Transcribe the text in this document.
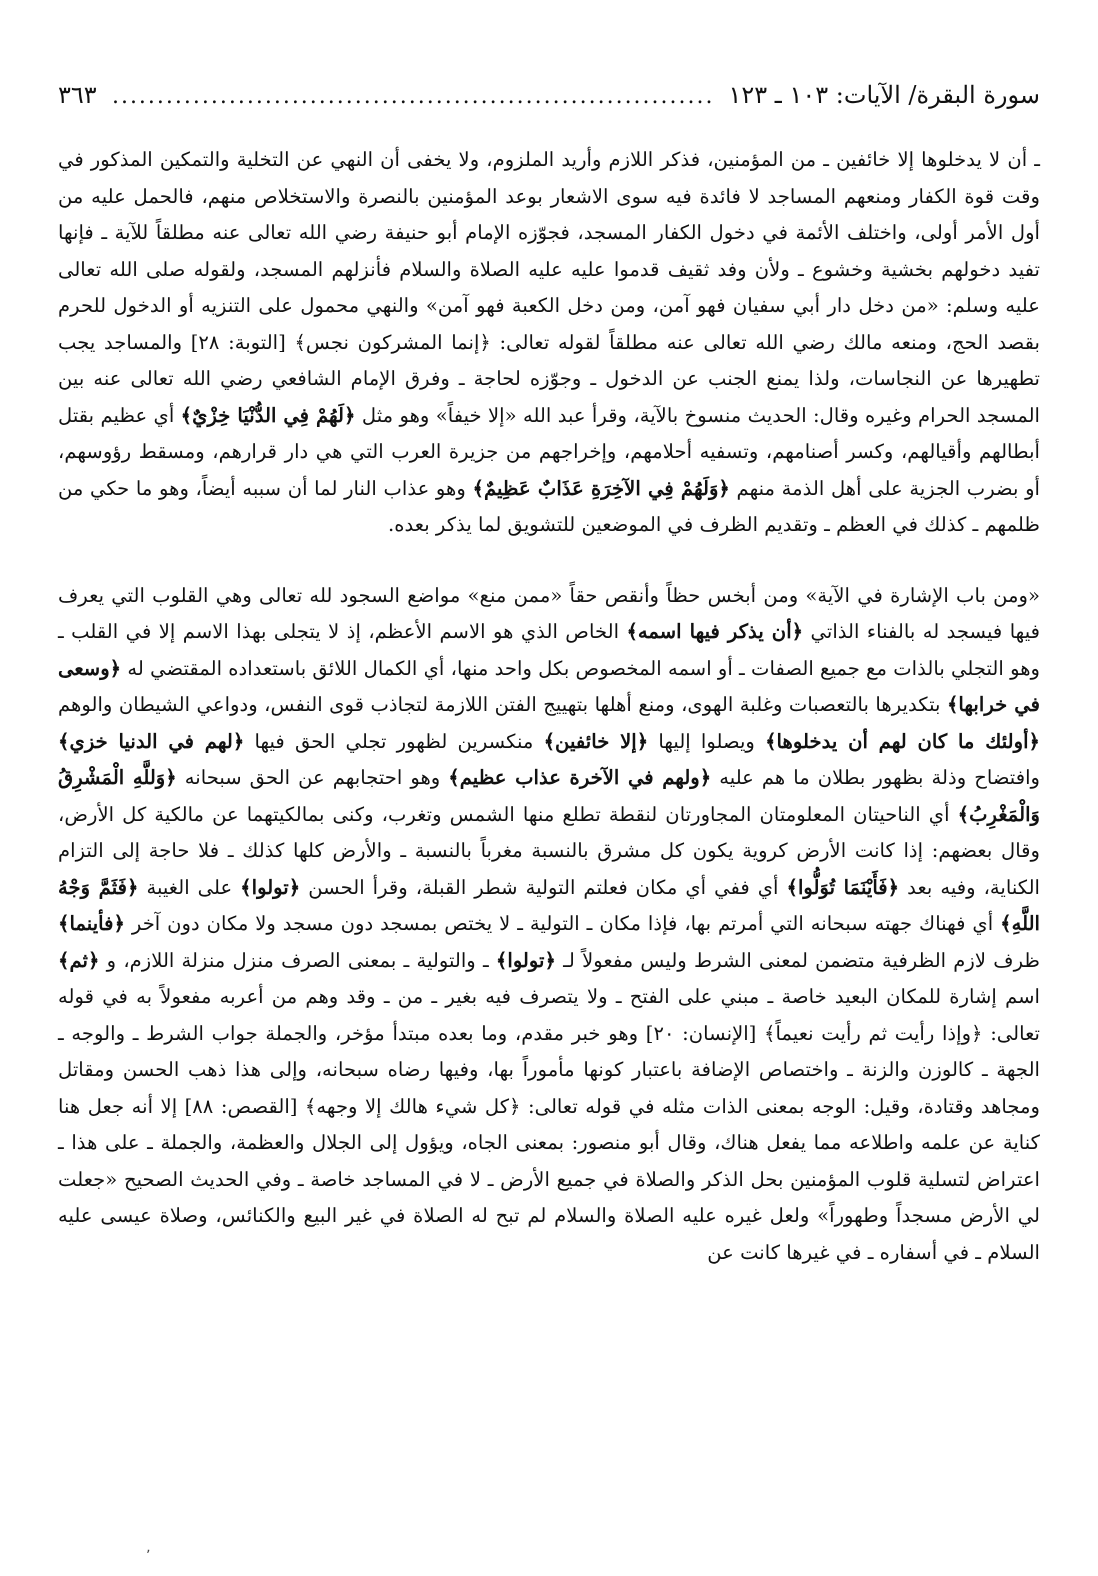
سورة البقرة/ الآيات: ١٠٣ ـ ١٢٣
...................................................................
٣٦٣

ـ أن لا يدخلوها إلا خائفين ـ من المؤمنين، فذكر اللازم وأريد الملزوم، ولا يخفى أن النهي عن التخلية والتمكين المذكور في وقت قوة الكفار ومنعهم المساجد لا فائدة فيه سوى الاشعار بوعد المؤمنين بالنصرة والاستخلاص منهم، فالحمل عليه من أول الأمر أولى، واختلف الأئمة في دخول الكفار المسجد، فجوّزه الإمام أبو حنيفة رضي الله تعالى عنه مطلقاً للآية ـ فإنها تفيد دخولهم بخشية وخشوع ـ ولأن وفد ثقيف قدموا عليه عليه الصلاة والسلام فأنزلهم المسجد، ولقوله صلى الله تعالى عليه وسلم: «من دخل دار أبي سفيان فهو آمن، ومن دخل الكعبة فهو آمن» والنهي محمول على التنزيه أو الدخول للحرم بقصد الحج، ومنعه مالك رضي الله تعالى عنه مطلقاً لقوله تعالى: ﴿إنما المشركون نجس﴾ [التوبة: ٢٨] والمساجد يجب تطهيرها عن النجاسات، ولذا يمنع الجنب عن الدخول ـ وجوّزه لحاجة ـ وفرق الإمام الشافعي رضي الله تعالى عنه بين المسجد الحرام وغيره وقال: الحديث منسوخ بالآية، وقرأ عبد الله «إلا خيفاً» وهو مثل ﴿لَهُمْ فِي الدُّنْيَا خِزْيٌ﴾ أي عظيم بقتل أبطالهم وأقيالهم، وكسر أصنامهم، وتسفيه أحلامهم، وإخراجهم من جزيرة العرب التي هي دار قرارهم، ومسقط رؤوسهم، أو بضرب الجزية على أهل الذمة منهم ﴿وَلَهُمْ فِي الآخِرَةِ عَذَابٌ عَظِيمٌ﴾ وهو عذاب النار لما أن سببه أيضاً، وهو ما حكي من ظلمهم ـ كذلك في العظم ـ وتقديم الظرف في الموضعين للتشويق لما يذكر بعده.

«ومن باب الإشارة في الآية» ومن أبخس حظاً وأنقص حقاً «ممن منع» مواضع السجود لله تعالى وهي القلوب التي يعرف فيها فيسجد له بالفناء الذاتي ﴿أن يذكر فيها اسمه﴾ الخاص الذي هو الاسم الأعظم، إذ لا يتجلى بهذا الاسم إلا في القلب ـ وهو التجلي بالذات مع جميع الصفات ـ أو اسمه المخصوص بكل واحد منها، أي الكمال اللائق باستعداده المقتضي له ﴿وسعى في خرابها﴾ بتكديرها بالتعصبات وغلبة الهوى، ومنع أهلها بتهييج الفتن اللازمة لتجاذب قوى النفس، ودواعي الشيطان والوهم ﴿أولئك ما كان لهم أن يدخلوها﴾ ويصلوا إليها ﴿إلا خائفين﴾ منكسرين لظهور تجلي الحق فيها ﴿لهم في الدنيا خزي﴾ وافتضاح وذلة بظهور بطلان ما هم عليه ﴿ولهم في الآخرة عذاب عظيم﴾ وهو احتجابهم عن الحق سبحانه ﴿وَللَّهِ الْمَشْرِقُ وَالْمَغْرِبُ﴾ أي الناحيتان المعلومتان المجاورتان لنقطة تطلع منها الشمس وتغرب، وكنى بمالكيتهما عن مالكية كل الأرض، وقال بعضهم: إذا كانت الأرض كروية يكون كل مشرق بالنسبة مغرباً بالنسبة ـ والأرض كلها كذلك ـ فلا حاجة إلى التزام الكناية، وفيه بعد ﴿فَأَيْنَمَا تُوَلُّوا﴾ أي ففي أي مكان فعلتم التولية شطر القبلة، وقرأ الحسن ﴿تولوا﴾ على الغيبة ﴿فَثَمَّ وَجْهُ اللَّهِ﴾ أي فهناك جهته سبحانه التي أمرتم بها، فإذا مكان ـ التولية ـ لا يختص بمسجد دون مسجد ولا مكان دون آخر ﴿فأينما﴾ ظرف لازم الظرفية متضمن لمعنى الشرط وليس مفعولاً لـ ﴿تولوا﴾ ـ والتولية ـ بمعنى الصرف منزل منزلة اللازم، و ﴿ثم﴾ اسم إشارة للمكان البعيد خاصة ـ مبني على الفتح ـ ولا يتصرف فيه بغير ـ من ـ وقد وهم من أعربه مفعولاً به في قوله تعالى: ﴿وإذا رأيت ثم رأيت نعيماً﴾ [الإنسان: ٢٠] وهو خبر مقدم، وما بعده مبتدأ مؤخر، والجملة جواب الشرط ـ والوجه ـ الجهة ـ كالوزن والزنة ـ واختصاص الإضافة باعتبار كونها مأموراً بها، وفيها رضاه سبحانه، وإلى هذا ذهب الحسن ومقاتل ومجاهد وقتادة، وقيل: الوجه بمعنى الذات مثله في قوله تعالى: ﴿كل شيء هالك إلا وجهه﴾ [القصص: ٨٨] إلا أنه جعل هنا كناية عن علمه واطلاعه مما يفعل هناك، وقال أبو منصور: بمعنى الجاه، ويؤول إلى الجلال والعظمة، والجملة ـ على هذا ـ اعتراض لتسلية قلوب المؤمنين بحل الذكر والصلاة في جميع الأرض ـ لا في المساجد خاصة ـ وفي الحديث الصحيح «جعلت لي الأرض مسجداً وطهوراً» ولعل غيره عليه الصلاة والسلام لم تبح له الصلاة في غير البيع والكنائس، وصلاة عيسى عليه السلام ـ في أسفاره ـ في غيرها كانت عن

٬
